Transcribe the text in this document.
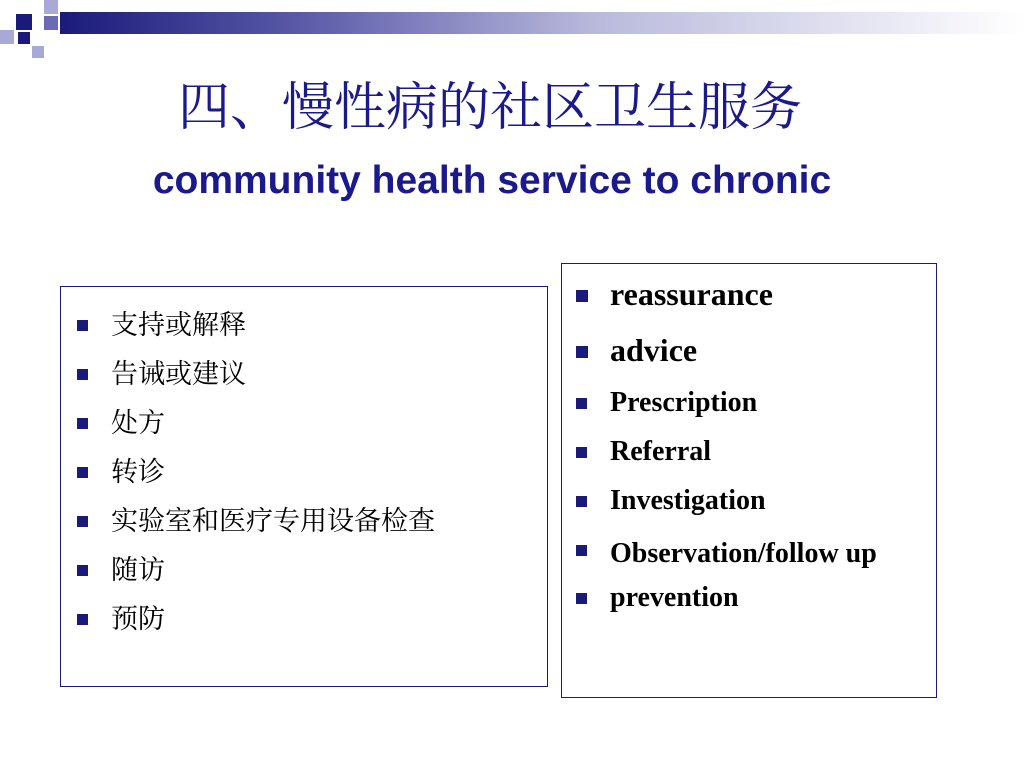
四、慢性病的社区卫生服务
community health service to chronic
支持或解释
告诫或建议
处方
转诊
实验室和医疗专用设备检查
随访
预防
reassurance
advice
Prescription
Referral
Investigation
Observation/follow up
prevention
